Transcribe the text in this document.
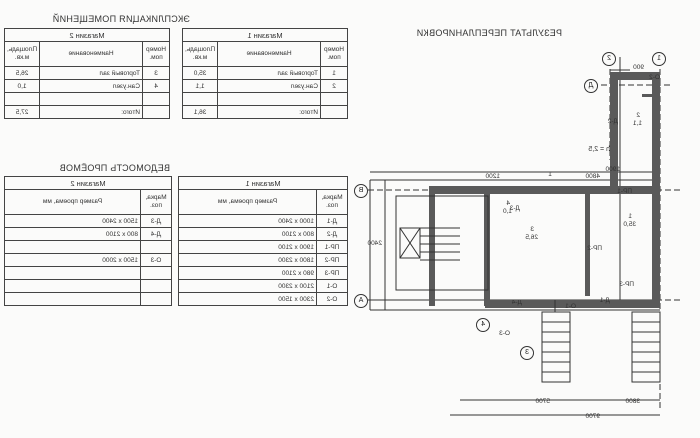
РЕЗУЛЬТАТ ПЕРЕПЛАНИРОВКИ
1
2
Д
В
А
4
3
1
35,0
2
1,1
3
26,5
4
1,0
h = 2,5
1
ПР-1
ПР-2
ПР-3
Д-1
Д-2
Д-3
Д-4
О-1
О-2
О-3
900
4800
1200
3800
5700
9700
2400
1900
ЭКСПЛИКАЦИЯ ПОМЕЩЕНИЙ
Магазин 1		
Номер пом.	Наименование	Площадь, м.кв.
1	Торговый зал	35,0
2	Сан.узел	1,1

	Итого:	36,1
Магазин 2		
Номер пом.	Наименование	Площадь, м.кв.
3	Торговый зал	26,5
4	Сан.узел	1,0

	Итого:	27,5
ВЕДОМОСТЬ ПРОЁМОВ
Магазин 1	
Марка, поз.	Размер проема, мм
Д-1	1000 х 2400
Д-2	800 х 2100
ПР-1	1900 х 2100
ПР-2	1800 х 2300
ПР-3	980 х 2100
О-1	2100 х 2300
О-2	2300 х 1500
Магазин 2	
Марка, поз.	Размер проема, мм
Д-3	1500 х 2400
Д-4	800 х 2100

О-3	1500 х 2000
